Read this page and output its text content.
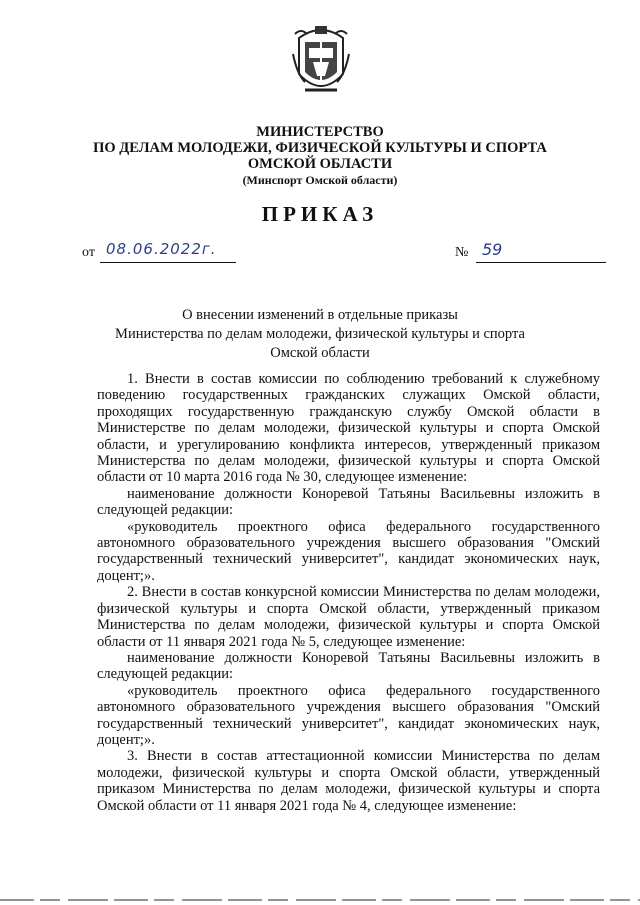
МИНИСТЕРСТВО
ПО ДЕЛАМ МОЛОДЕЖИ, ФИЗИЧЕСКОЙ КУЛЬТУРЫ И СПОРТА
ОМСКОЙ ОБЛАСТИ
(Минспорт Омской области)
ПРИКАЗ
от 08.06.2022г.	№ 59
О внесении изменений в отдельные приказы
Министерства по делам молодежи, физической культуры и спорта
Омской области

1. Внести в состав комиссии по соблюдению требований к служебному поведению государственных гражданских служащих Омской области, проходящих государственную гражданскую службу Омской области в Министерстве по делам молодежи, физической культуры и спорта Омской области, и урегулированию конфликта интересов, утвержденный приказом Министерства по делам молодежи, физической культуры и спорта Омской области от 10 марта 2016 года № 30, следующее изменение:

наименование должности Коноревой Татьяны Васильевны изложить в следующей редакции:

«руководитель проектного офиса федерального государственного автономного образовательного учреждения высшего образования "Омский государственный технический университет", кандидат экономических наук, доцент;».

2. Внести в состав конкурсной комиссии Министерства по делам молодежи, физической культуры и спорта Омской области, утвержденный приказом Министерства по делам молодежи, физической культуры и спорта Омской области от 11 января 2021 года № 5, следующее изменение:

наименование должности Коноревой Татьяны Васильевны изложить в следующей редакции:

«руководитель проектного офиса федерального государственного автономного образовательного учреждения высшего образования "Омский государственный технический университет", кандидат экономических наук, доцент;».

3. Внести в состав аттестационной комиссии Министерства по делам молодежи, физической культуры и спорта Омской области, утвержденный приказом Министерства по делам молодежи, физической культуры и спорта Омской области от 11 января 2021 года № 4, следующее изменение:
